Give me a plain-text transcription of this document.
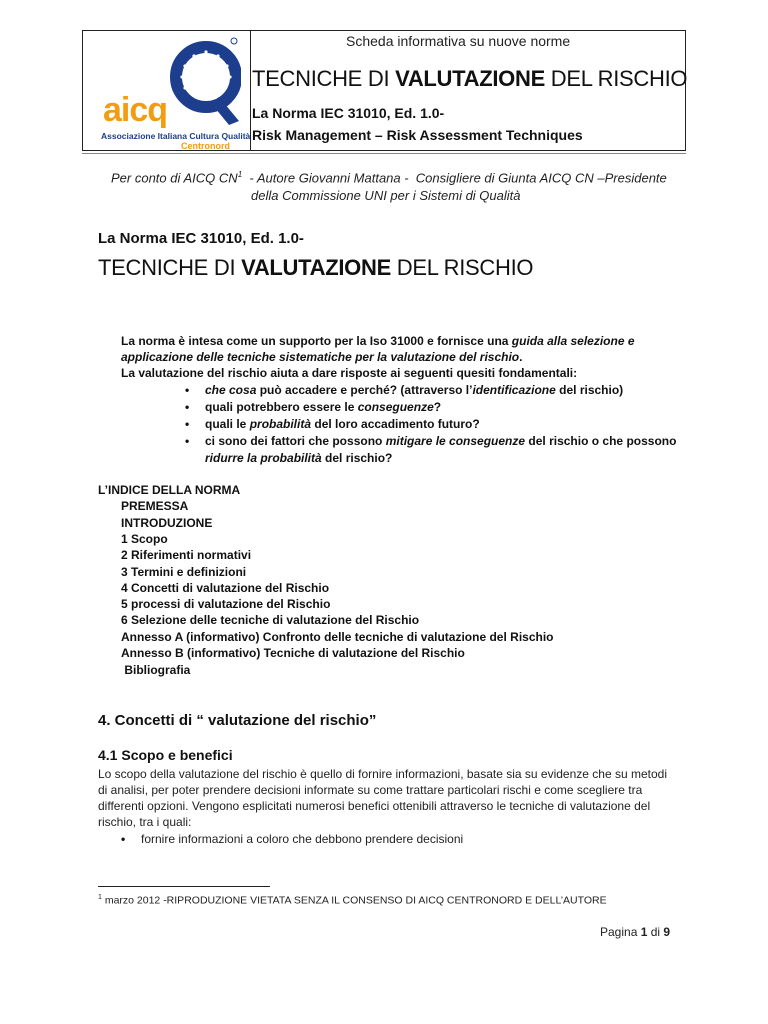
aicq
Associazione Italiana Cultura Qualità
Centronord
Scheda informativa su nuove norme
TECNICHE DI VALUTAZIONE DEL RISCHIO
La Norma IEC 31010, Ed. 1.0-
Risk Management – Risk Assessment Techniques
Per conto di AICQ $CN^1$  - Autore Giovanni Mattana -  Consigliere di Giunta AICQ CN –Presidente
della Commissione UNI per i Sistemi di Qualità
La Norma IEC 31010, Ed. 1.0-
TECNICHE DI VALUTAZIONE DEL RISCHIO
La norma è intesa come un supporto per la Iso 31000 e fornisce una guida alla selezione e
applicazione delle tecniche sistematiche per la valutazione del rischio.
La valutazione del rischio aiuta a dare risposte ai seguenti quesiti fondamentali:
• che cosa può accadere e perché? (attraverso l’identificazione del rischio)
• quali potrebbero essere le conseguenze?
• quali le probabilità del loro accadimento futuro?
• ci sono dei fattori che possono mitigare le conseguenze del rischio o che possono
ridurre la probabilità del rischio?
L’INDICE DELLA NORMA
PREMESSA
INTRODUZIONE
1 Scopo
2 Riferimenti normativi
3 Termini e definizioni
4 Concetti di valutazione del Rischio
5 processi di valutazione del Rischio
6 Selezione delle tecniche di valutazione del Rischio
Annesso A (informativo) Confronto delle tecniche di valutazione del Rischio
Annesso B (informativo) Tecniche di valutazione del Rischio
Bibliografia
4. Concetti di “ valutazione del rischio”
4.1 Scopo e benefici
Lo scopo della valutazione del rischio è quello di fornire informazioni, basate sia su evidenze che su metodi
di analisi, per poter prendere decisioni informate su come trattare particolari rischi e come scegliere tra
differenti opzioni. Vengono esplicitati numerosi benefici ottenibili attraverso le tecniche di valutazione del
rischio, tra i quali:
• fornire informazioni a coloro che debbono prendere decisioni
$^1$ marzo 2012 -RIPRODUZIONE VIETATA SENZA IL CONSENSO DI AICQ CENTRONORD E DELL’AUTORE
Pagina 1 di 9
